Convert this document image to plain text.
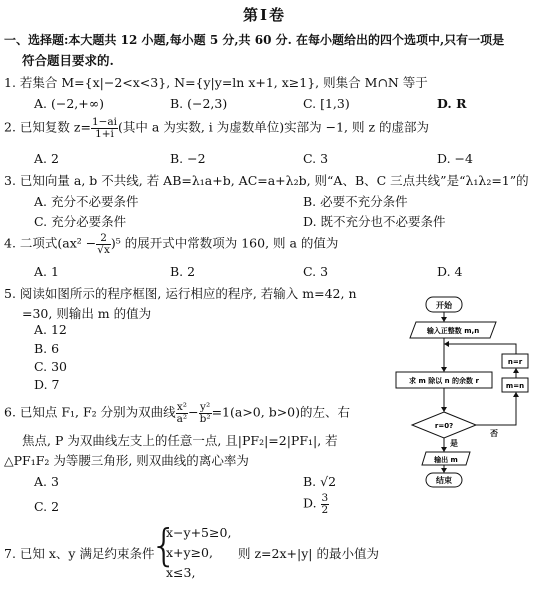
第Ⅰ卷
一、选择题:本大题共 12 小题,每小题 5 分,共 60 分. 在每小题给出的四个选项中,只有一项是
符合题目要求的.
1. 若集合 M={x|−2<x<3}, N={y|y=ln x+1, x≥1}, 则集合 M∩N 等于
A. (−2,+∞)	B. (−2,3)	C. [1,3)	D. R
2. 已知复数 $z= \frac{1-ai}{1+i}$ (其中 a 为实数, i 为虚数单位)实部为 −1, 则 z 的虚部为
A. 2	B. −2	C. 3	D. −4
3. 已知向量 a, b 不共线, 若 AB=λ₁a+b, AC=a+λ₂b, 则“A、B、C 三点共线”是“λ₁λ₂=1”的
A. 充分不必要条件	B. 必要不充分条件
C. 充分必要条件	D. 既不充分也不必要条件
4. 二项式$(ax^2 - \frac{2}{√x} )^5$ 的展开式中常数项为 160, 则 a 的值为
A. 1	B. 2	C. 3	D. 4
5. 阅读如图所示的程序框图, 运行相应的程序, 若输入 m=42, n
=30, 则输出 m 的值为
A. 12
B. 6
C. 30
D. 7
开始
输入正整数 m,n
求 m 除以 n 的余数 r
n=r
m=n
r=0?
是
否
输出 m
结束
6. 已知点 F₁, F₂ 分别为双曲线 $\frac{\text{x²}}{\text{a²}} - \frac{\text{y²}}{\text{b²}} =1(a>0$, b>0)的左、右
焦点, P 为双曲线左支上的任意一点, 且|PF₂|=2|PF₁|, 若
△PF₁F₂ 为等腰三角形, 则双曲线的离心率为
A. 3	B. √2
C. 2	D. $\frac{3}{2}$
7. 已知 x、y 满足约束条件
{
x−y+5≥0,
x+y≥0,
x≤3,
则 z=2x+|y| 的最小值为
